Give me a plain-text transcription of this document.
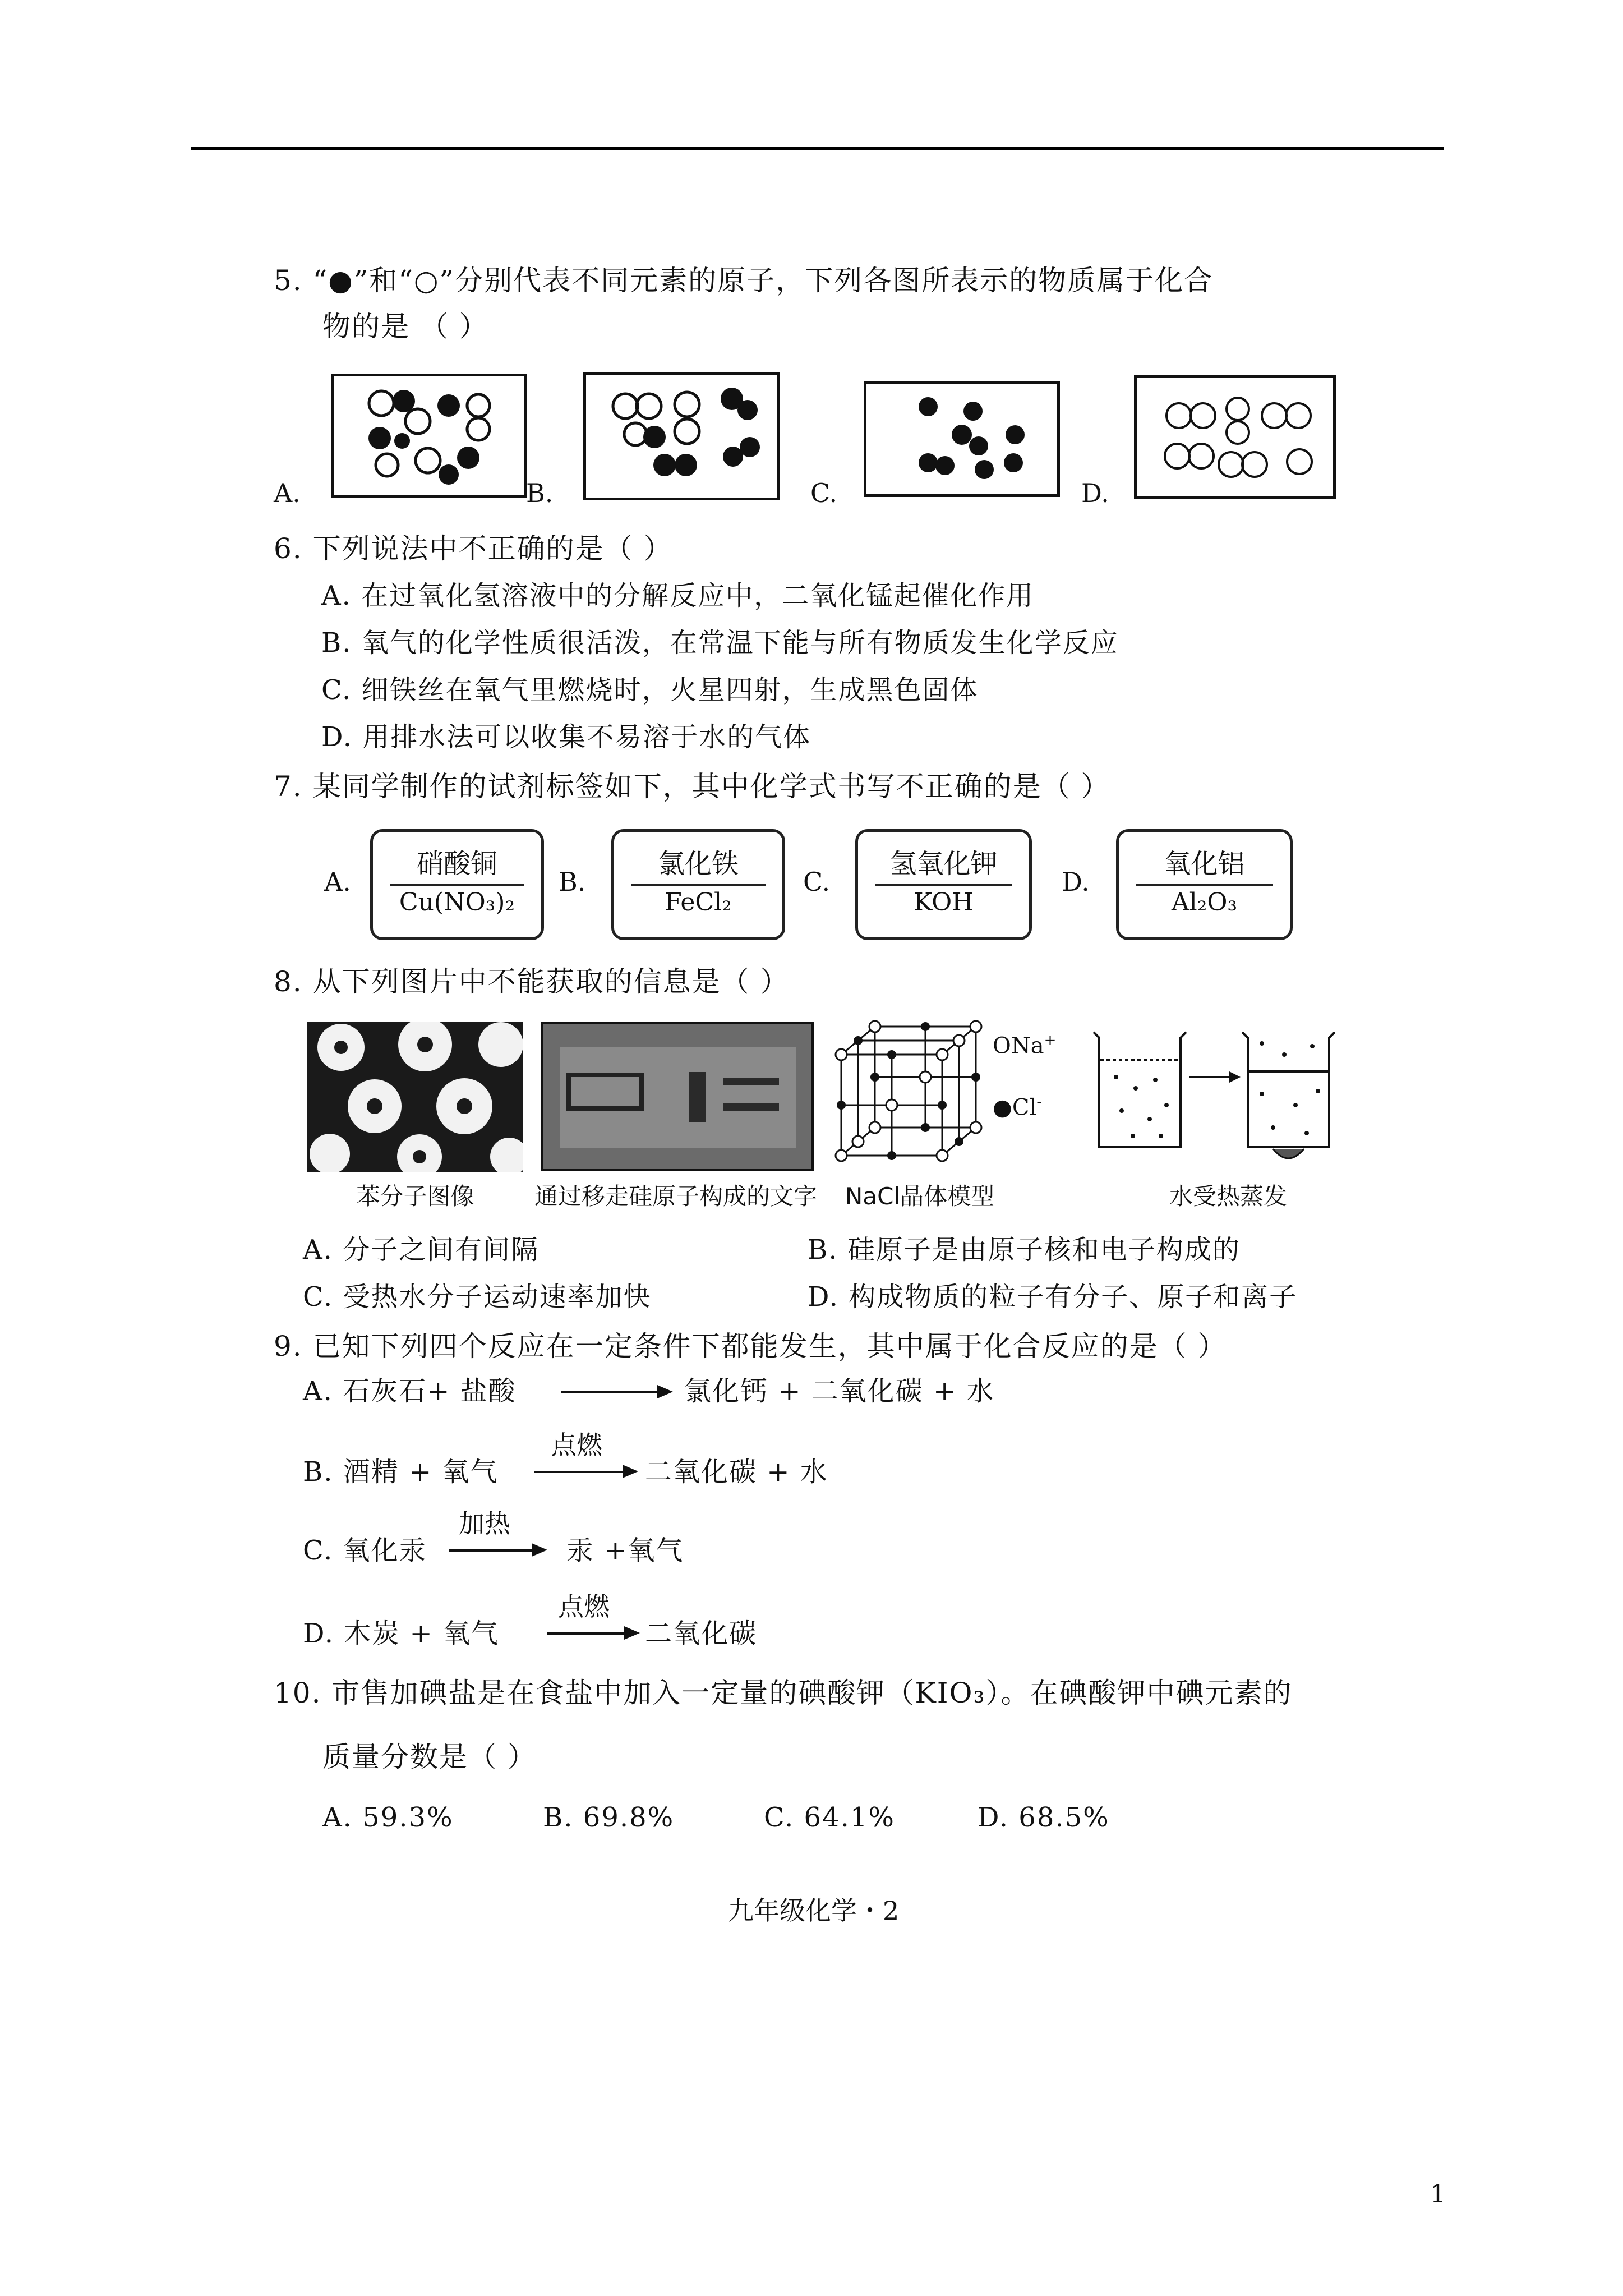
5. “●”和“○”分别代表不同元素的原子，下列各图所表示的物质属于化合
物的是 （ ）
A.	B.	C.	D.
6. 下列说法中不正确的是（ ）
A. 在过氧化氢溶液中的分解反应中，二氧化锰起催化作用
B. 氧气的化学性质很活泼，在常温下能与所有物质发生化学反应
C. 细铁丝在氧气里燃烧时，火星四射，生成黑色固体
D. 用排水法可以收集不易溶于水的气体
7. 某同学制作的试剂标签如下，其中化学式书写不正确的是（ ）
A.
硝酸铜
Cu(NO₃)₂
B.
氯化铁
FeCl₂
C.
氢氧化钾
KOH
D.
氧化铝
Al₂O₃
8. 从下列图片中不能获取的信息是（ ）
苯分子图像	通过移走硅原子构成的文字
ONa+
●Cl-
NaCl晶体模型	水受热蒸发
A. 分子之间有间隔	B. 硅原子是由原子核和电子构成的
C. 受热水分子运动速率加快	D. 构成物质的粒子有分子、原子和离子
9. 已知下列四个反应在一定条件下都能发生，其中属于化合反应的是（ ）
A. 石灰石+ 盐酸	氯化钙 + 二氧化碳 + 水
B. 酒精 + 氧气
点燃
二氧化碳 + 水
C. 氧化汞
加热
汞 +氧气
D. 木炭 + 氧气
点燃
二氧化碳
10. 市售加碘盐是在食盐中加入一定量的碘酸钾（KIO₃）。在碘酸钾中碘元素的
质量分数是（ ）
A. 59.3%	B. 69.8%	C. 64.1%	D. 68.5%
九年级化学・2
1
